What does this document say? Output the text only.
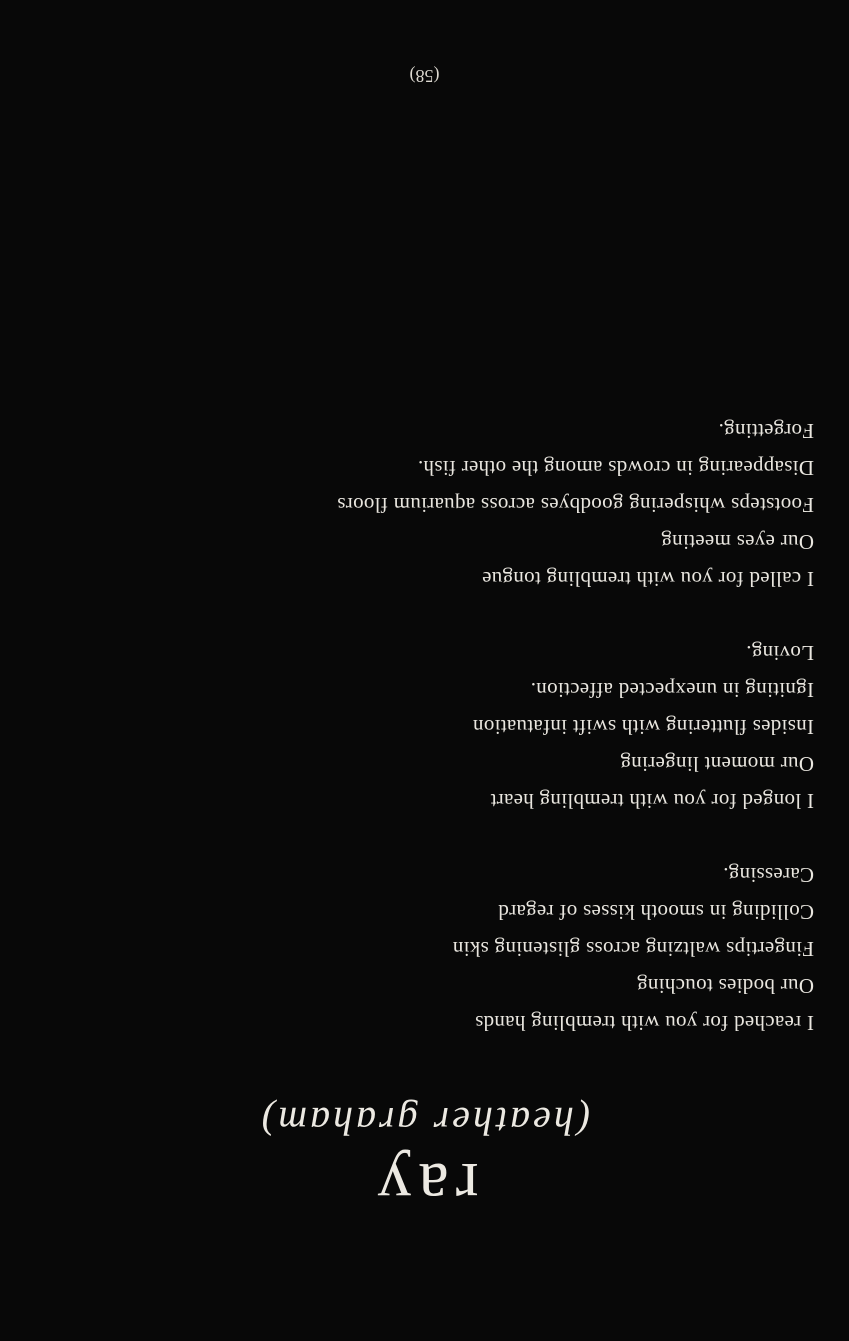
ray
(heather graham)
I reached for you with trembling hands
Our bodies touching
Fingertips waltzing across glistening skin
Colliding in smooth kisses of regard
Caressing.
I longed for you with trembling heart
Our moment lingering
Insides fluttering with swift infatuation
Igniting in unexpected affection.
Loving.
I called for you with trembling tongue
Our eyes meeting
Footsteps whispering goodbyes across aquarium floors
Disappearing in crowds among the other fish.
Forgetting.
(58)
